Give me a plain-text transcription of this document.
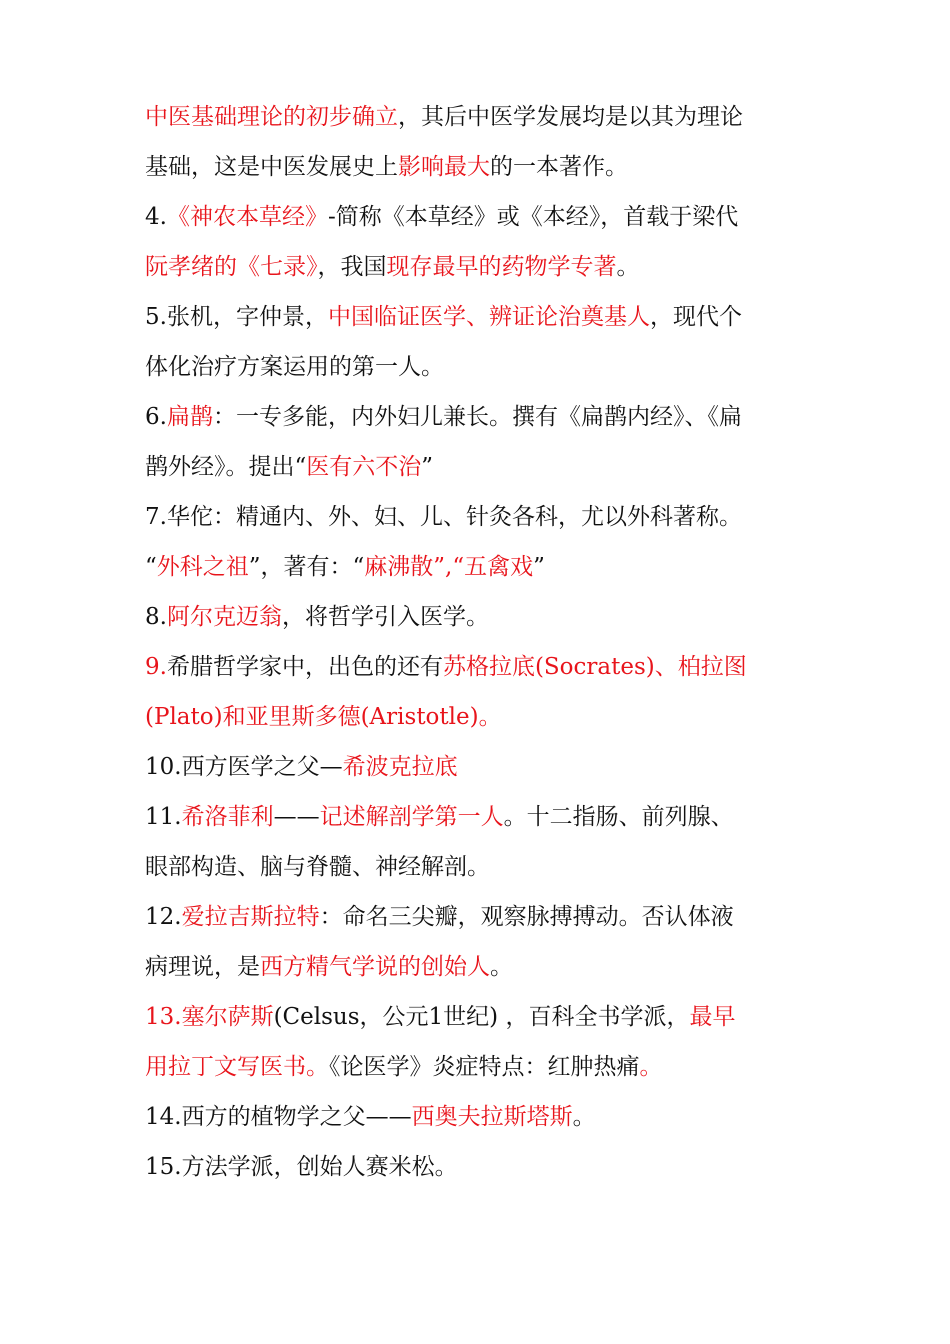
中医基础理论的初步确立，其后中医学发展均是以其为理论
基础，这是中医发展史上影响最大的一本著作。
4.《神农本草经》-简称《本草经》或《本经》，首载于梁代
阮孝绪的《七录》，我国现存最早的药物学专著。
5.张机，字仲景，中国临证医学、辨证论治奠基人，现代个
体化治疗方案运用的第一人。
6.扁鹊：一专多能，内外妇儿兼长。撰有《扁鹊内经》、《扁
鹊外经》。提出“医有六不治”
7.华佗：精通内、外、妇、儿、针灸各科，尤以外科著称。
“外科之祖”，著有：“麻沸散”,“五禽戏”
8.阿尔克迈翁，将哲学引入医学。
9.希腊哲学家中，出色的还有苏格拉底(Socrates)、柏拉图
(Plato)和亚里斯多德(Aristotle)。
10.西方医学之父—希波克拉底
11.希洛菲利——记述解剖学第一人。十二指肠、前列腺、
眼部构造、脑与脊髓、神经解剖。
12.爱拉吉斯拉特：命名三尖瓣，观察脉搏搏动。否认体液
病理说，是西方精气学说的创始人。
13.塞尔萨斯(Celsus，公元1世纪) ，百科全书学派，最早
用拉丁文写医书。《论医学》炎症特点：红肿热痛。
14.西方的植物学之父——西奥夫拉斯塔斯。
15.方法学派，创始人赛米松。
